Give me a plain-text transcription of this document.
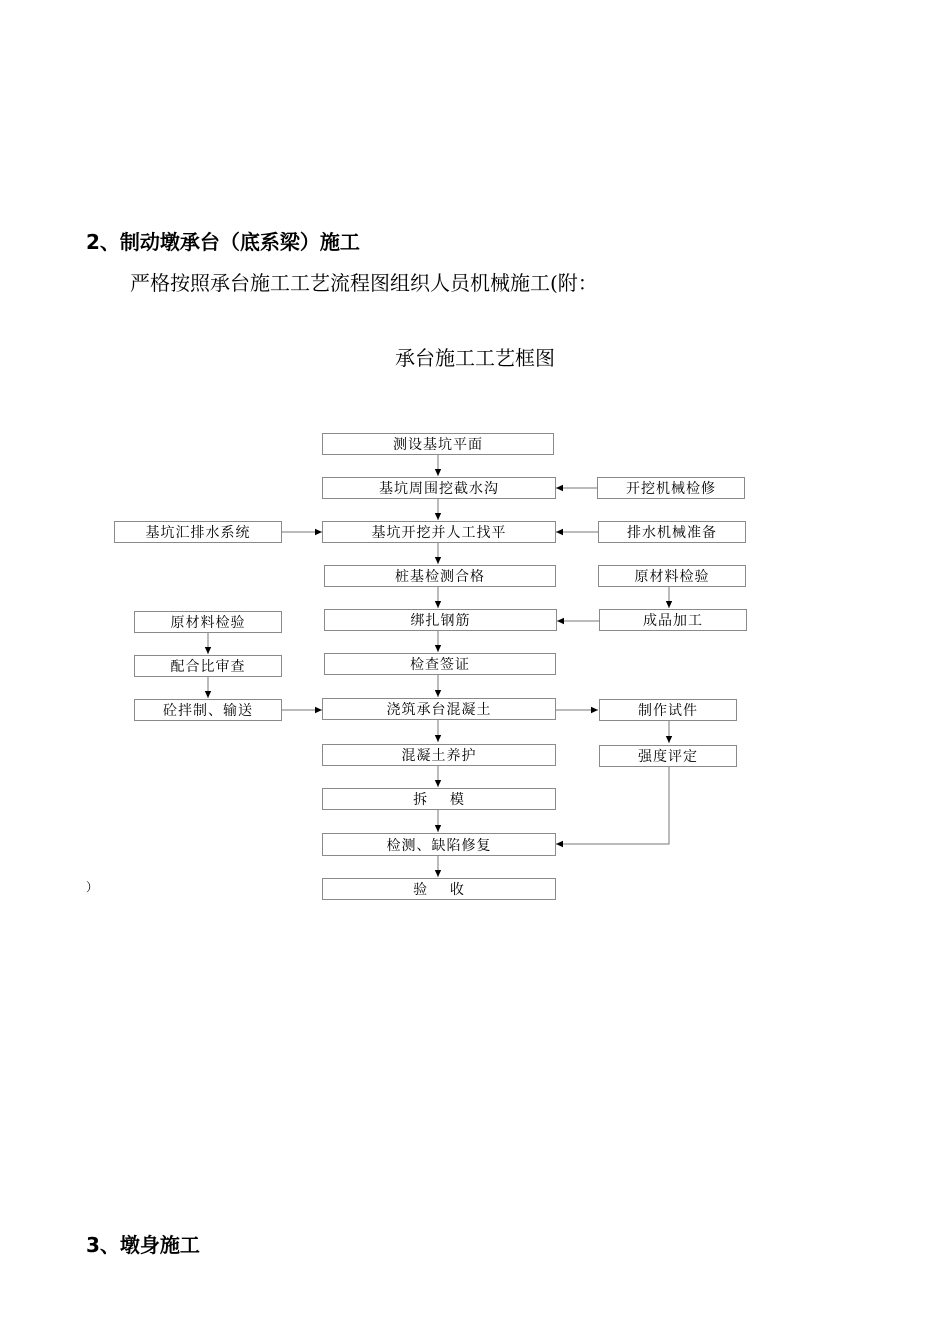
2、制动墩承台（底系梁）施工
严格按照承台施工工艺流程图组织人员机械施工(附：
承台施工工艺框图
测设基坑平面
基坑周围挖截水沟
基坑开挖并人工找平
桩基检测合格
绑扎钢筋
检查签证
浇筑承台混凝土
混凝土养护
拆    模
检测、缺陷修复
验    收
基坑汇排水系统
原材料检验
配合比审查
砼拌制、输送
开挖机械检修
排水机械准备
原材料检验
成品加工
制作试件
强度评定
）
3、墩身施工
